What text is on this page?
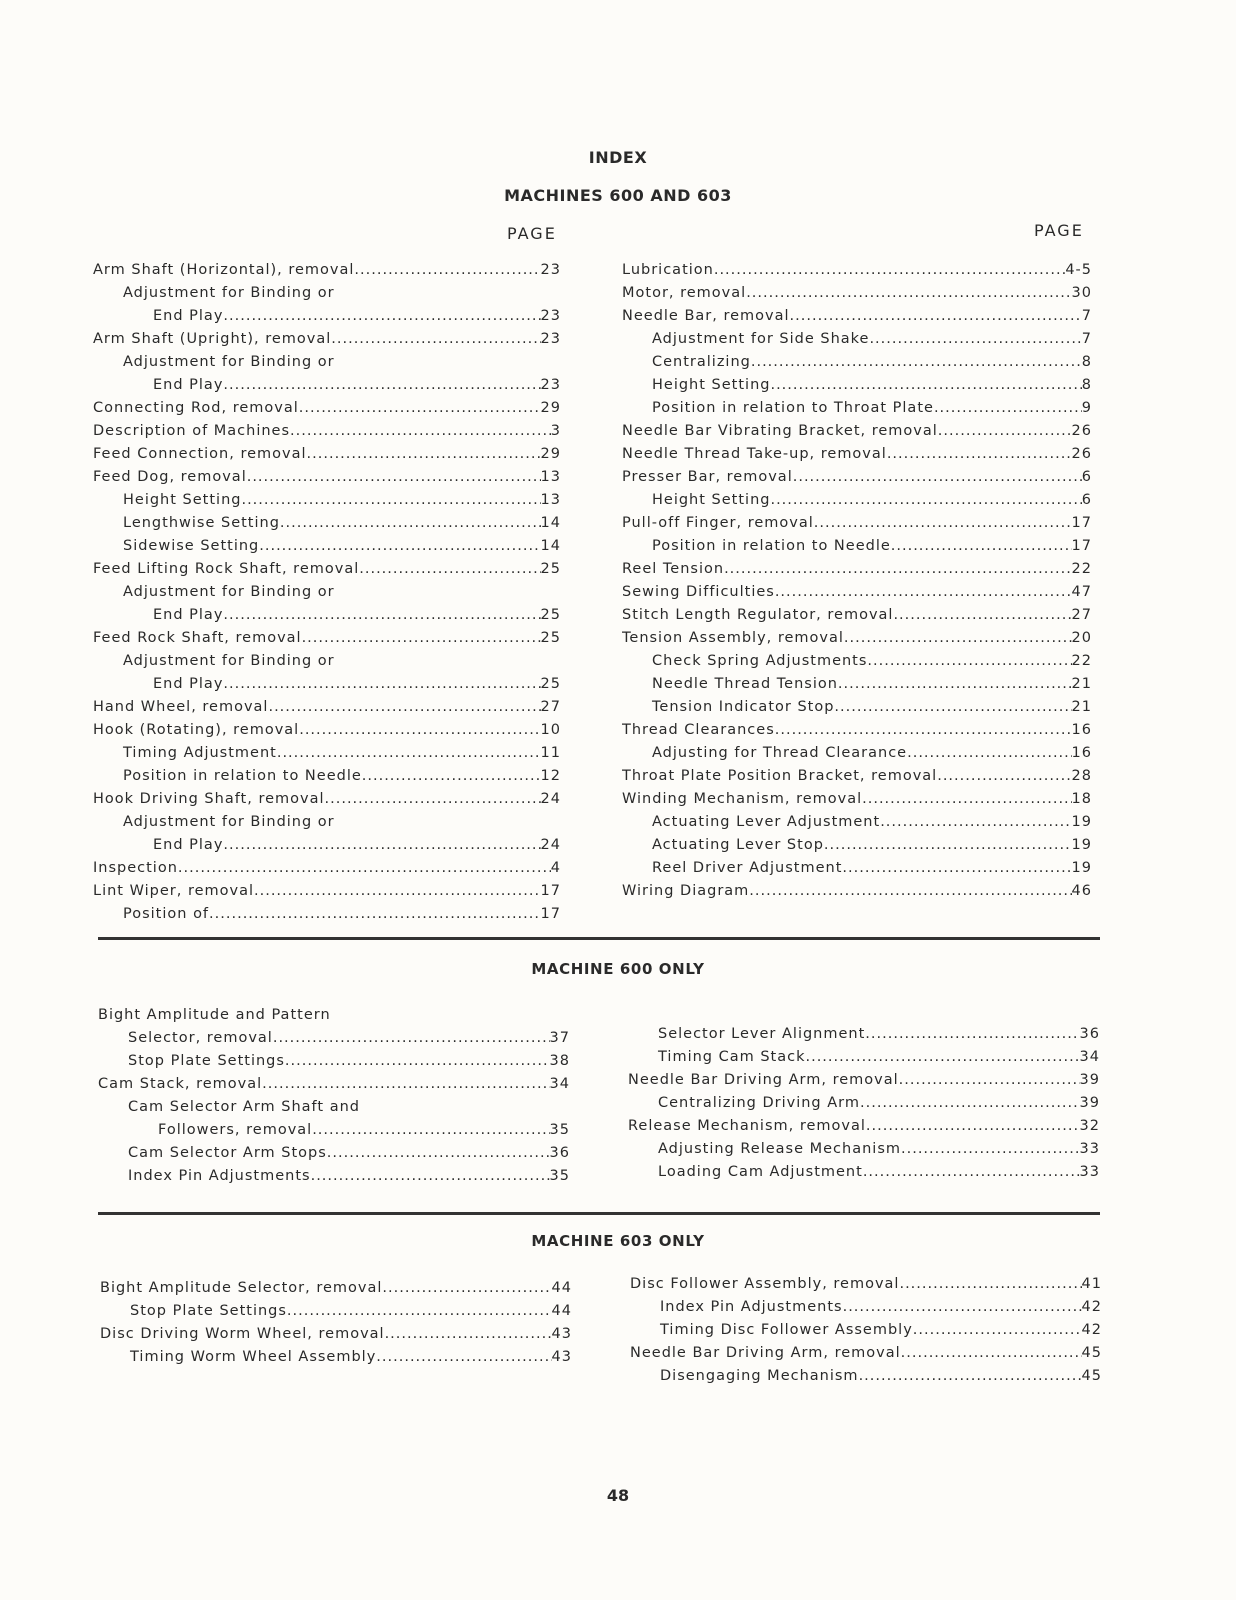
INDEX
MACHINES 600 AND 603
PAGE	PAGE
Arm Shaft (Horizontal), removal .....	23
Adjustment for Binding or
End Play .....	23
Arm Shaft (Upright), removal .....	23
Adjustment for Binding or
End Play .....	23
Connecting Rod, removal .....	29
Description of Machines .....	3
Feed Connection, removal .....	29
Feed Dog, removal .....	13
Height Setting .....	13
Lengthwise Setting .....	14
Sidewise Setting .....	14
Feed Lifting Rock Shaft, removal .....	25
Adjustment for Binding or
End Play .....	25
Feed Rock Shaft, removal .....	25
Adjustment for Binding or
End Play .....	25
Hand Wheel, removal .....	27
Hook (Rotating), removal .....	10
Timing Adjustment .....	11
Position in relation to Needle .....	12
Hook Driving Shaft, removal .....	24
Adjustment for Binding or
End Play .....	24
Inspection .....	4
Lint Wiper, removal .....	17
Position of .....	17
Lubrication .....	4-5
Motor, removal .....	30
Needle Bar, removal .....	7
Adjustment for Side Shake .....	7
Centralizing .....	8
Height Setting .....	8
Position in relation to Throat Plate .....	9
Needle Bar Vibrating Bracket, removal .....	26
Needle Thread Take-up, removal .....	26
Presser Bar, removal .....	6
Height Setting .....	6
Pull-off Finger, removal .....	17
Position in relation to Needle .....	17
Reel Tension .....	22
Sewing Difficulties .....	47
Stitch Length Regulator, removal .....	27
Tension Assembly, removal .....	20
Check Spring Adjustments .....	22
Needle Thread Tension .....	21
Tension Indicator Stop .....	21
Thread Clearances .....	16
Adjusting for Thread Clearance .....	16
Throat Plate Position Bracket, removal .....	28
Winding Mechanism, removal .....	18
Actuating Lever Adjustment .....	19
Actuating Lever Stop .....	19
Reel Driver Adjustment .....	19
Wiring Diagram .....	46
MACHINE 600 ONLY
Bight Amplitude and Pattern
Selector, removal .....	37
Stop Plate Settings .....	38
Cam Stack, removal .....	34
Cam Selector Arm Shaft and
Followers, removal .....	35
Cam Selector Arm Stops .....	36
Index Pin Adjustments .....	35
Selector Lever Alignment .....	36
Timing Cam Stack .....	34
Needle Bar Driving Arm, removal .....	39
Centralizing Driving Arm .....	39
Release Mechanism, removal .....	32
Adjusting Release Mechanism .....	33
Loading Cam Adjustment .....	33
MACHINE 603 ONLY
Bight Amplitude Selector, removal .....	44
Stop Plate Settings .....	44
Disc Driving Worm Wheel, removal .....	43
Timing Worm Wheel Assembly .....	43
Disc Follower Assembly, removal .....	41
Index Pin Adjustments .....	42
Timing Disc Follower Assembly .....	42
Needle Bar Driving Arm, removal .....	45
Disengaging Mechanism .....	45
48
